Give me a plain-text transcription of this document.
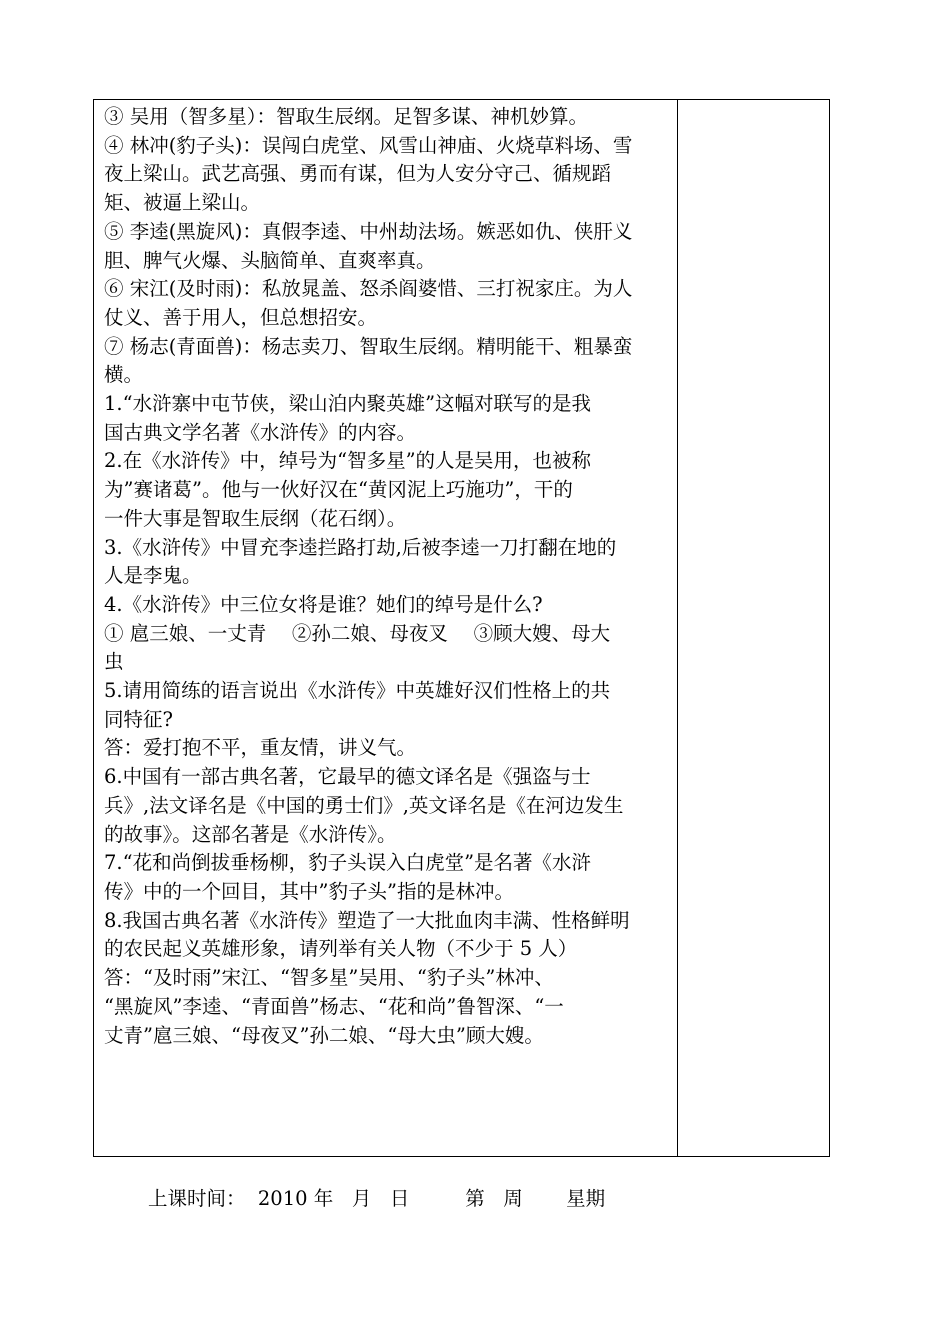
③ 吴用（智多星）：智取生辰纲。足智多谋、神机妙算。
④ 林冲(豹子头)：误闯白虎堂、风雪山神庙、火烧草料场、雪
夜上梁山。武艺高强、勇而有谋，但为人安分守己、循规蹈
矩、被逼上梁山。
⑤ 李逵(黑旋风)：真假李逵、中州劫法场。嫉恶如仇、侠肝义
胆、脾气火爆、头脑简单、直爽率真。
⑥ 宋江(及时雨)：私放晁盖、怒杀阎婆惜、三打祝家庄。为人
仗义、善于用人，但总想招安。
⑦ 杨志(青面兽)：杨志卖刀、智取生辰纲。精明能干、粗暴蛮
横。
1.“水浒寨中屯节侠，梁山泊内聚英雄”这幅对联写的是我
国古典文学名著《水浒传》的内容。
2.在《水浒传》中，绰号为“智多星”的人是吴用，也被称
为”赛诸葛”。他与一伙好汉在“黄冈泥上巧施功”，干的
一件大事是智取生辰纲（花石纲）。
3.《水浒传》中冒充李逵拦路打劫,后被李逵一刀打翻在地的
人是李鬼。
4.《水浒传》中三位女将是谁？她们的绰号是什么?
① 扈三娘、一丈青　 ②孙二娘、母夜叉　 ③顾大嫂、母大
虫
5.请用简练的语言说出《水浒传》中英雄好汉们性格上的共
同特征?
答：爱打抱不平，重友情，讲义气。
6.中国有一部古典名著，它最早的德文译名是《强盗与士
兵》,法文译名是《中国的勇士们》,英文译名是《在河边发生
的故事》。这部名著是《水浒传》。
7.“花和尚倒拔垂杨柳，豹子头误入白虎堂”是名著《水浒
传》中的一个回目，其中”豹子头”指的是林冲。
8.我国古典名著《水浒传》塑造了一大批血肉丰满、性格鲜明
的农民起义英雄形象，请列举有关人物（不少于 5 人）
答：“及时雨”宋江、“智多星”吴用、“豹子头”林冲、
“黑旋风”李逵、“青面兽”杨志、“花和尚”鲁智深、“一
丈青”扈三娘、“母夜叉”孙二娘、“母大虫”顾大嫂。
上课时间：  2010 年   月   日         第   周       星期
